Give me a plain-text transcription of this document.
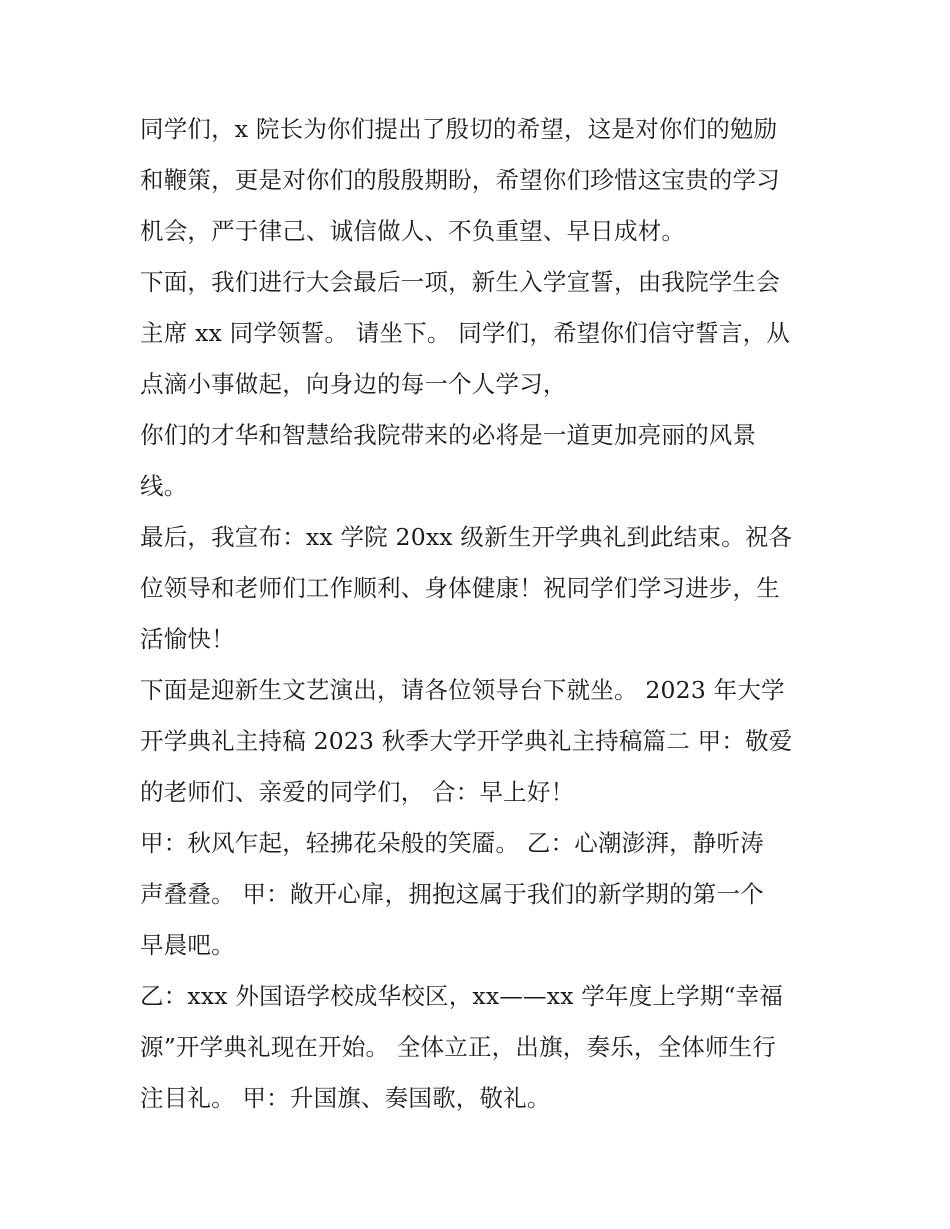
同学们，x 院长为你们提出了殷切的希望，这是对你们的勉励
和鞭策，更是对你们的殷殷期盼，希望你们珍惜这宝贵的学习
机会，严于律己、诚信做人、不负重望、早日成材。

下面，我们进行大会最后一项，新生入学宣誓，由我院学生会
主席 xx 同学领誓。 请坐下。 同学们，希望你们信守誓言，从
点滴小事做起，向身边的每一个人学习，

你们的才华和智慧给我院带来的必将是一道更加亮丽的风景
线。

最后，我宣布：xx 学院 20xx 级新生开学典礼到此结束。祝各
位领导和老师们工作顺利、身体健康！祝同学们学习进步，生
活愉快！

下面是迎新生文艺演出，请各位领导台下就坐。 2023 年大学
开学典礼主持稿 2023 秋季大学开学典礼主持稿篇二 甲：敬爱
的老师们、亲爱的同学们， 合：早上好！

甲：秋风乍起，轻拂花朵般的笑靥。 乙：心潮澎湃，静听涛
声叠叠。 甲：敞开心扉，拥抱这属于我们的新学期的第一个
早晨吧。

乙：xxx 外国语学校成华校区，xx——xx 学年度上学期“幸福
源”开学典礼现在开始。 全体立正，出旗，奏乐，全体师生行
注目礼。 甲：升国旗、奏国歌，敬礼。
